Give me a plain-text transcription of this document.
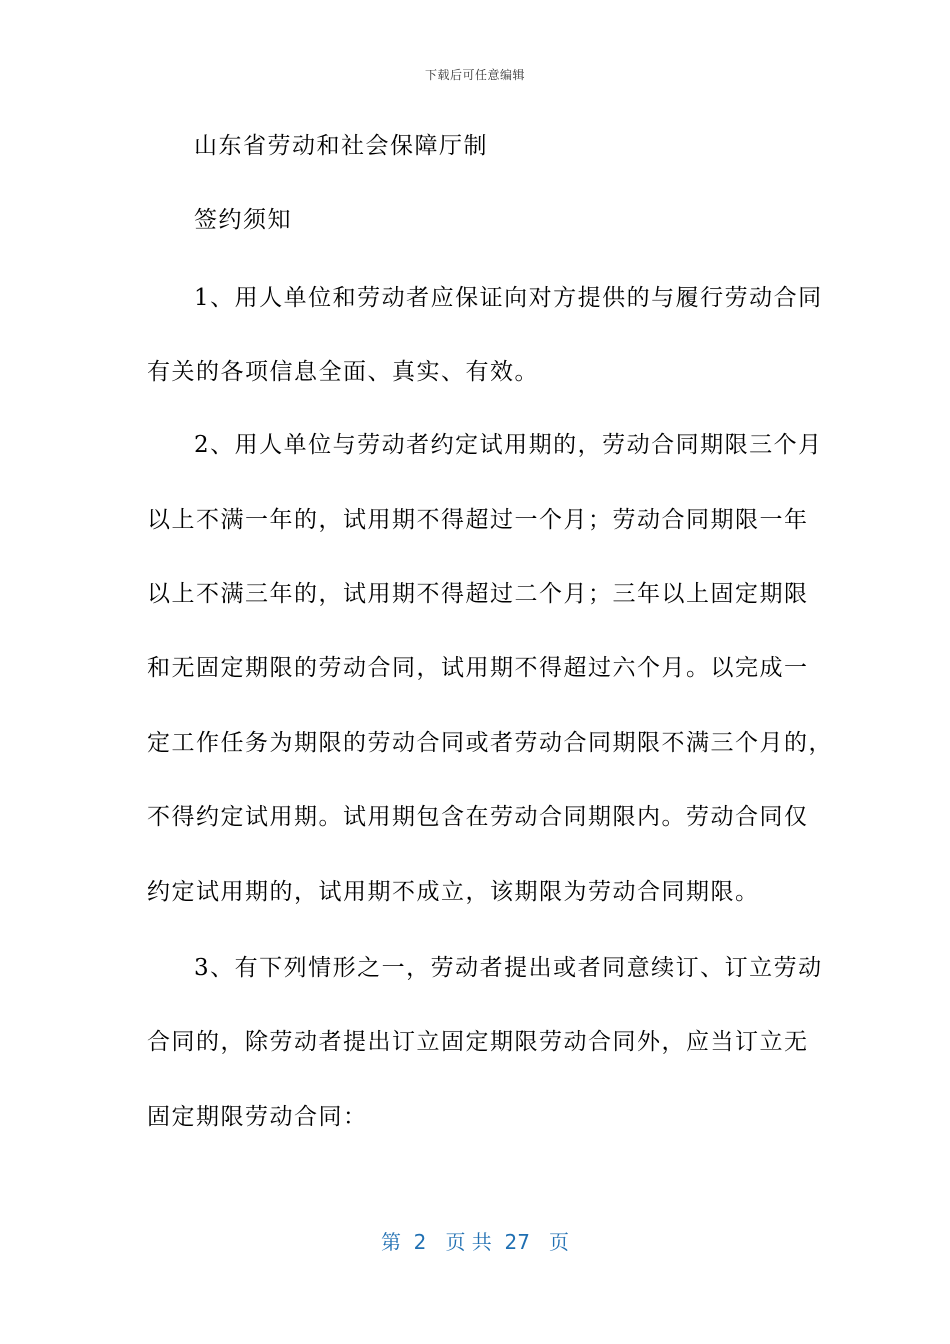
下载后可任意编辑
山东省劳动和社会保障厅制
签约须知
1、用人单位和劳动者应保证向对方提供的与履行劳动合同
有关的各项信息全面、真实、有效。
2、用人单位与劳动者约定试用期的，劳动合同期限三个月
以上不满一年的，试用期不得超过一个月；劳动合同期限一年
以上不满三年的，试用期不得超过二个月；三年以上固定期限
和无固定期限的劳动合同，试用期不得超过六个月。以完成一
定工作任务为期限的劳动合同或者劳动合同期限不满三个月的，
不得约定试用期。试用期包含在劳动合同期限内。劳动合同仅
约定试用期的，试用期不成立，该期限为劳动合同期限。
3、有下列情形之一，劳动者提出或者同意续订、订立劳动
合同的，除劳动者提出订立固定期限劳动合同外，应当订立无
固定期限劳动合同：
第  2   页 共  27   页
